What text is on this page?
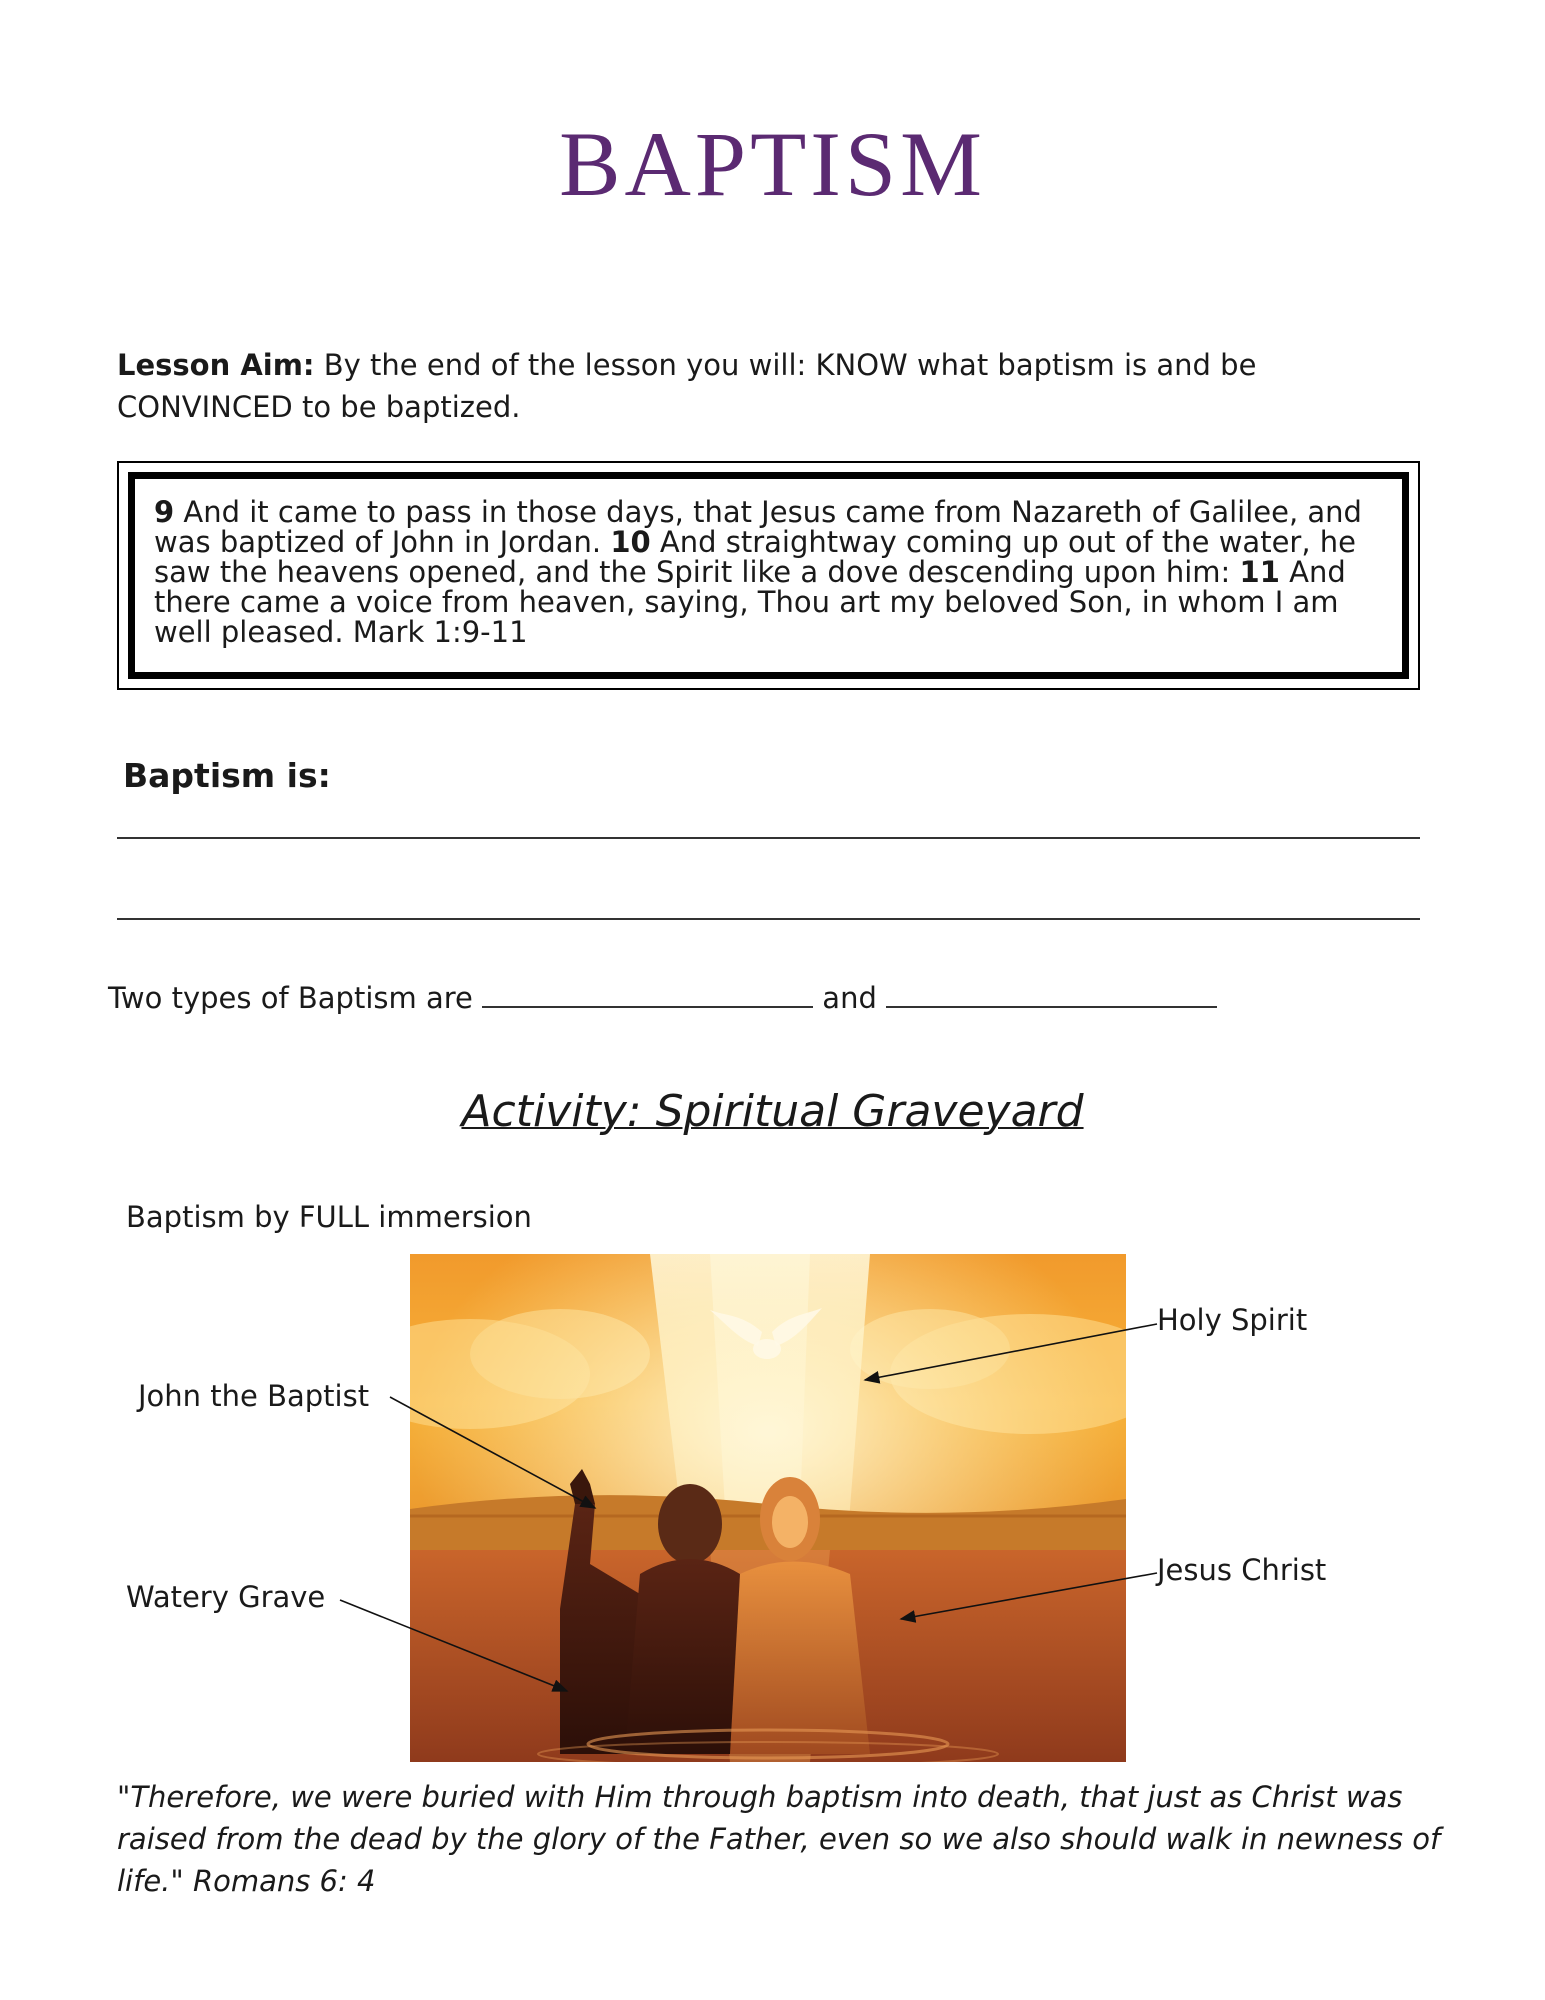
BAPTISM
Lesson Aim: By the end of the lesson you will: KNOW what baptism is and be CONVINCED to be baptized.
9 And it came to pass in those days, that Jesus came from Nazareth of Galilee, and was baptized of John in Jordan. 10 And straightway coming up out of the water, he saw the heavens opened, and the Spirit like a dove descending upon him: 11 And there came a voice from heaven, saying, Thou art my beloved Son, in whom I am well pleased. Mark 1:9-11
Baptism is:
Two types of Baptism are	and
Activity: Spiritual Graveyard
Baptism by FULL immersion
Holy Spirit
John the Baptist
Jesus Christ
Watery Grave
"Therefore, we were buried with Him through baptism into death, that just as Christ was raised from the dead by the glory of the Father, even so we also should walk in newness of life." Romans 6: 4
